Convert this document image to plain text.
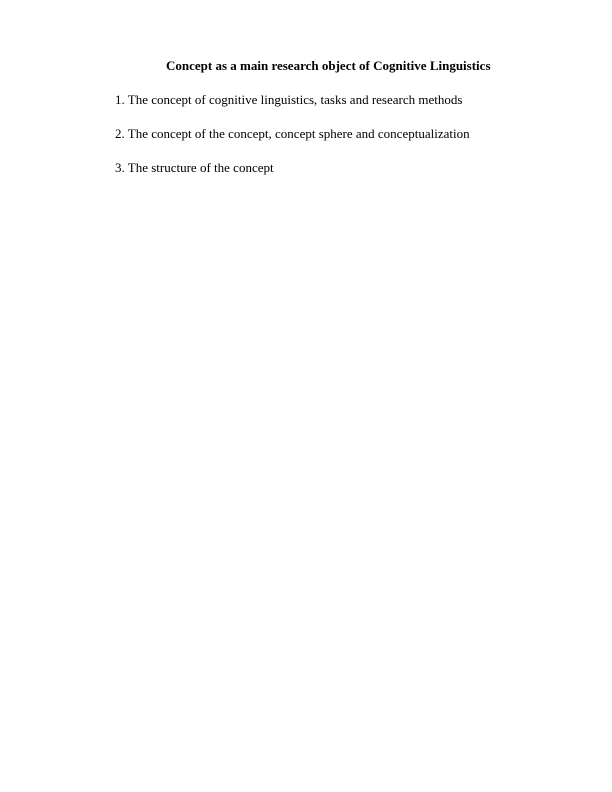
Concept as a main research object of Cognitive Linguistics
1. The concept of cognitive linguistics, tasks and research methods
2. The concept of the concept, concept sphere and conceptualization
3. The structure of the concept
